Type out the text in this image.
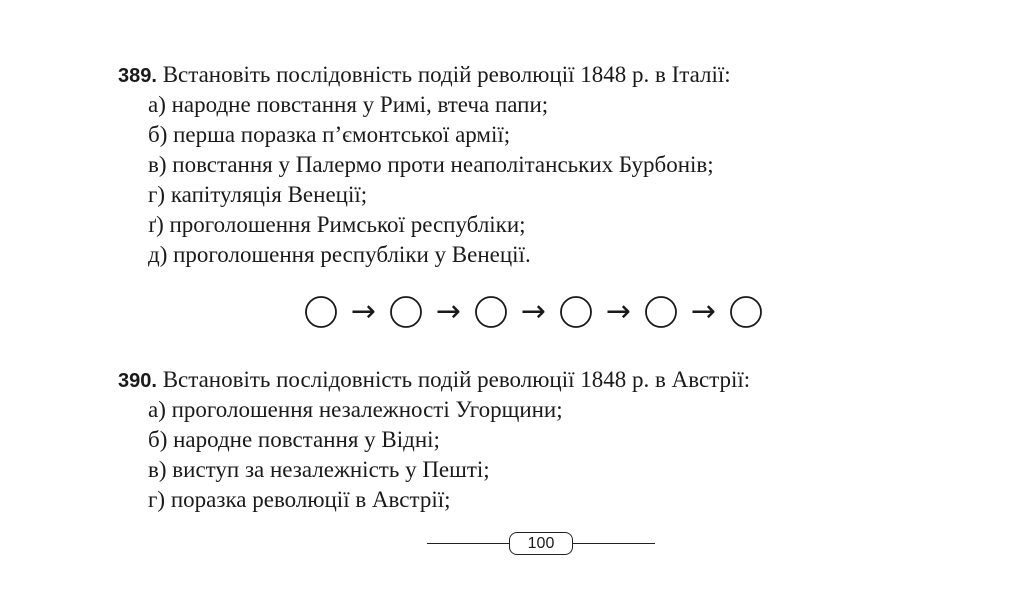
389. Встановіть послідовність подій революції 1848 р. в Італії:
а) народне повстання у Римі, втеча папи;
б) перша поразка п’ємонтської армії;
в) повстання у Палермо проти неаполітанських Бурбонів;
г) капітуляція Венеції;
ґ) проголошення Римської республіки;
д) проголошення республіки у Венеції.
→ → → → →
390. Встановіть послідовність подій революції 1848 р. в Австрії:
а) проголошення незалежності Угорщини;
б) народне повстання у Відні;
в) виступ за незалежність у Пешті;
г) поразка революції в Австрії;
100
